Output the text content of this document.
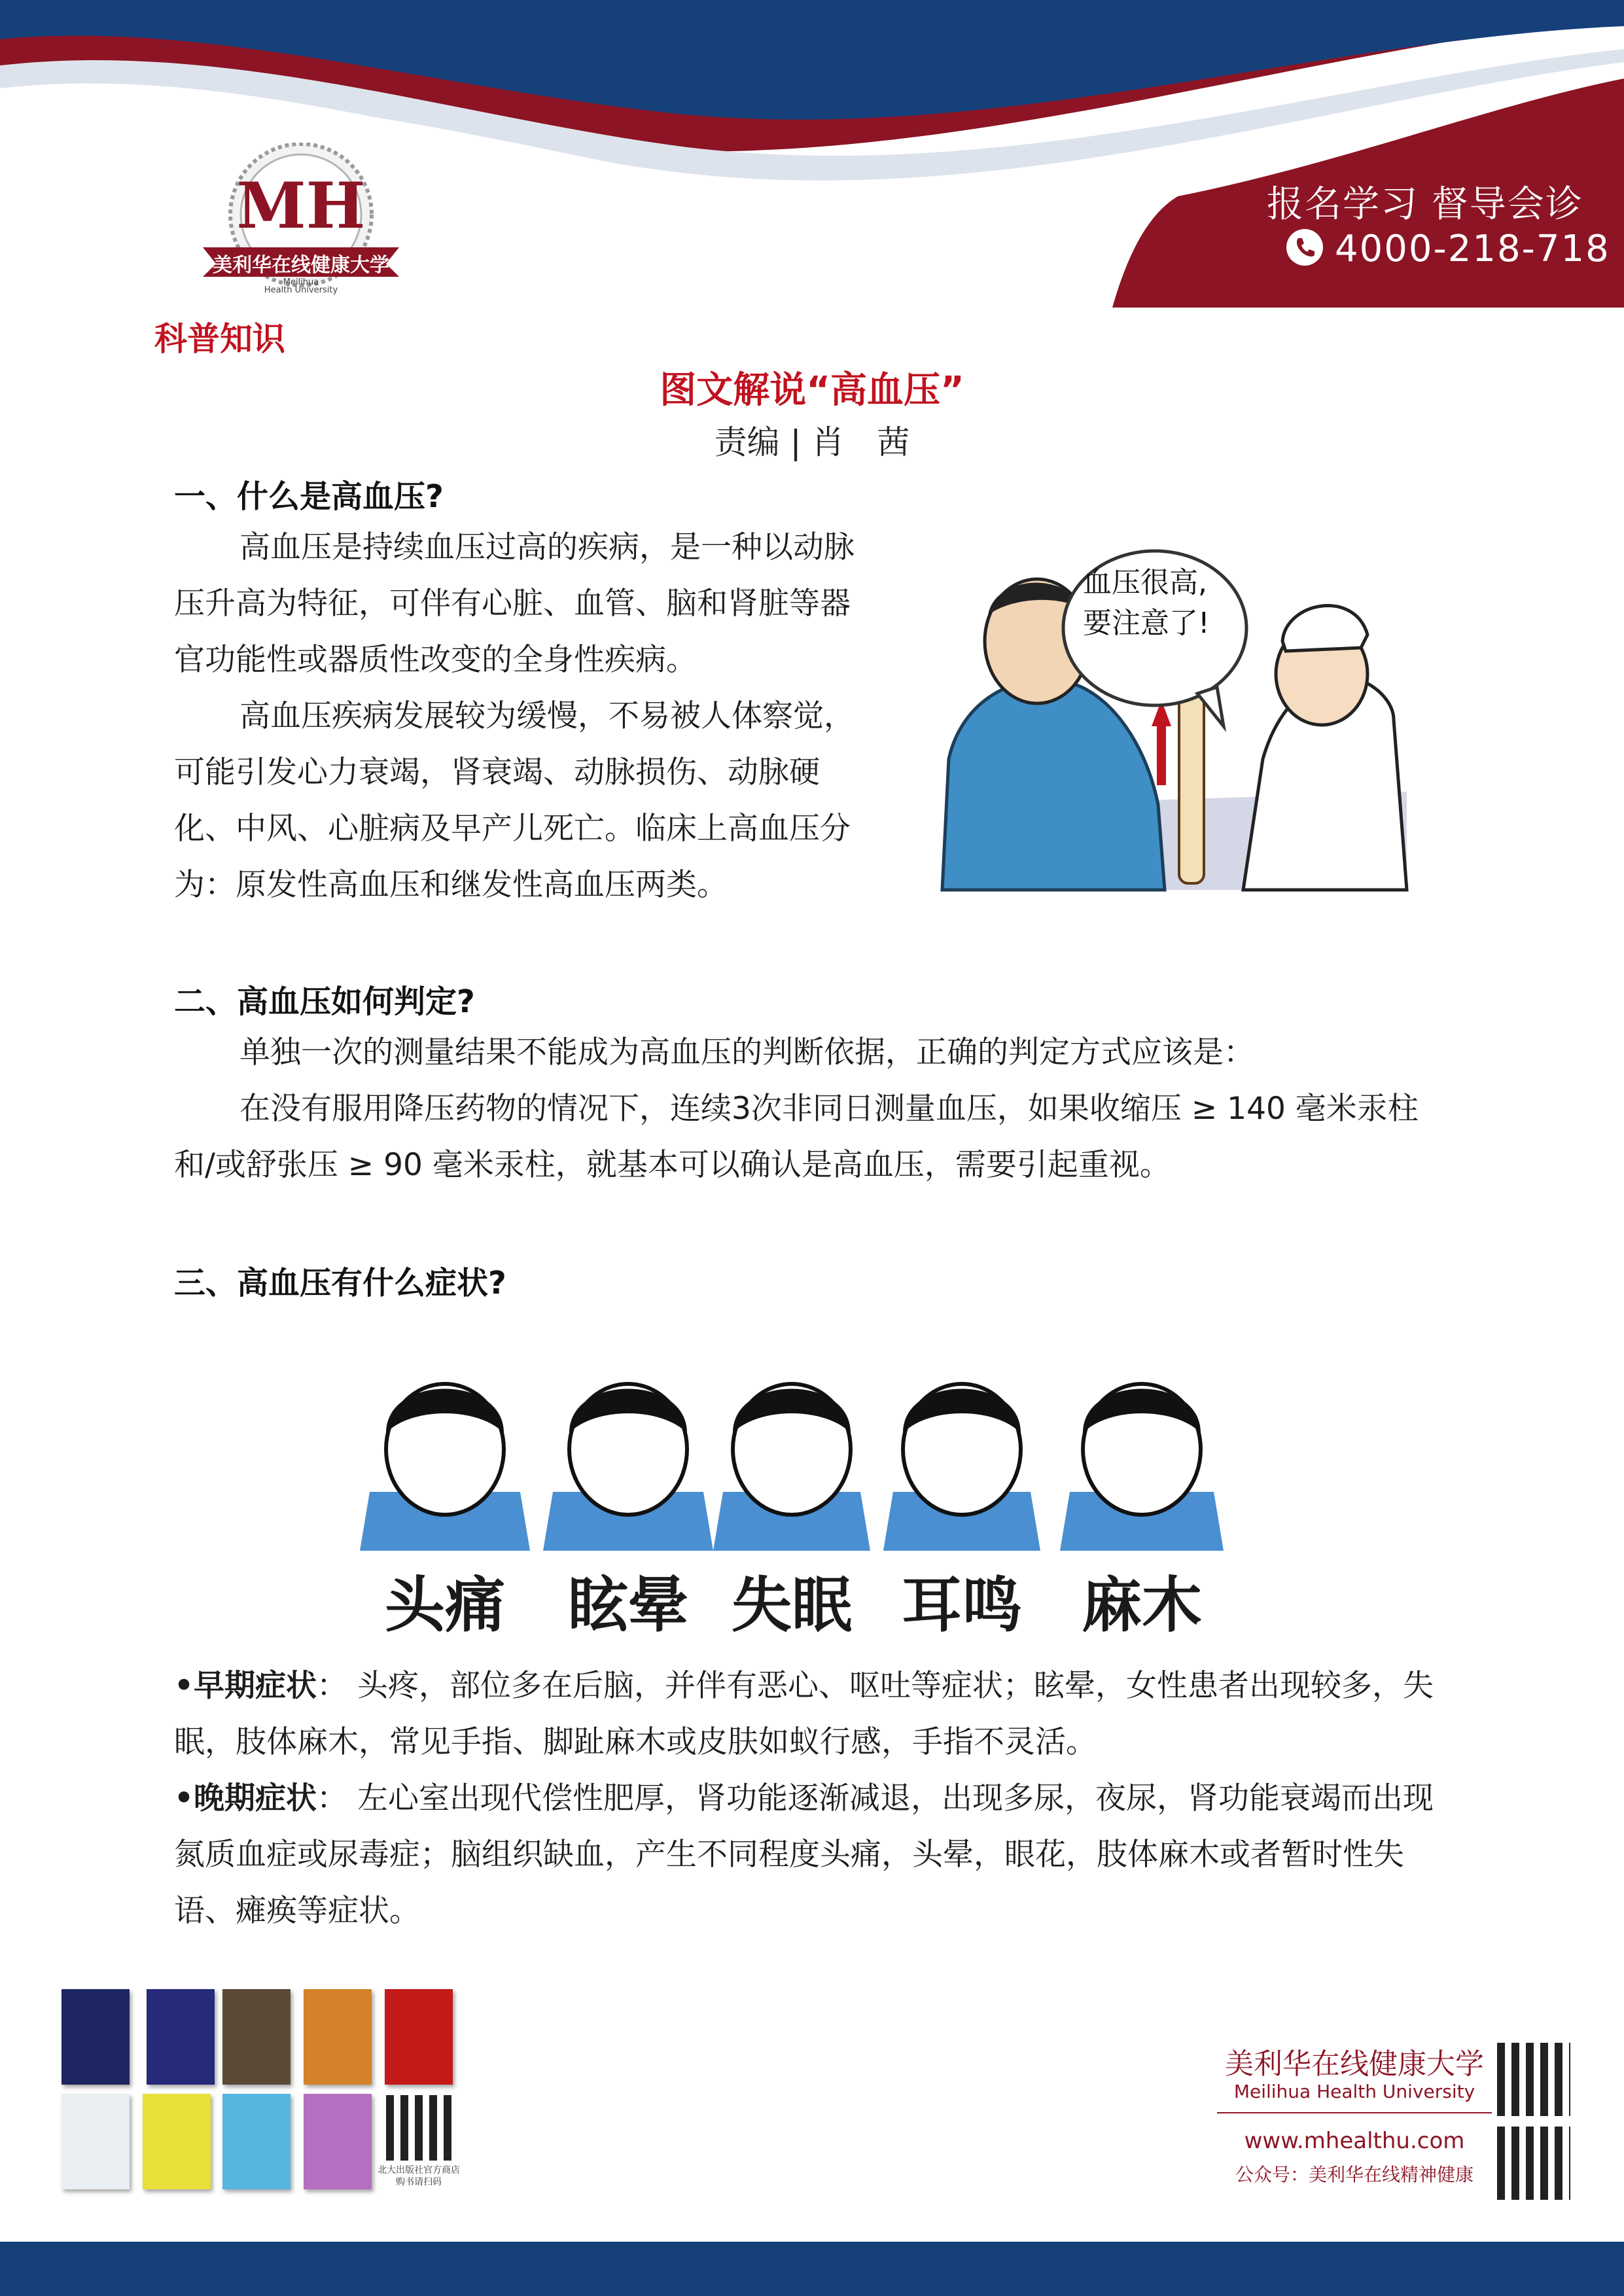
报名学习 督导会诊
4000-218-718
MH
美利华在线健康大学
Meilihua
Health University
科普知识
图文解说“高血压”
责编 | 肖　茜
一、什么是高血压?

高血压是持续血压过高的疾病，是一种以动脉压升高为特征，可伴有心脏、血管、脑和肾脏等器官功能性或器质性改变的全身性疾病。

高血压疾病发展较为缓慢，不易被人体察觉，可能引发心力衰竭，肾衰竭、动脉损伤、动脉硬化、中风、心脏病及早产儿死亡。临床上高血压分为：原发性高血压和继发性高血压两类。

血压很高,
要注意了!
二、高血压如何判定?

单独一次的测量结果不能成为高血压的判断依据，正确的判定方式应该是：

在没有服用降压药物的情况下，连续3次非同日测量血压，如果收缩压 ≥ 140 毫米汞柱和/或舒张压 ≥ 90 毫米汞柱，就基本可以确认是高血压，需要引起重视。

三、高血压有什么症状?
头痛	眩晕 失眠 耳鸣 麻木

•早期症状： 头疼，部位多在后脑，并伴有恶心、呕吐等症状；眩晕，女性患者出现较多，失眠，肢体麻木，常见手指、脚趾麻木或皮肤如蚁行感，手指不灵活。

•晚期症状： 左心室出现代偿性肥厚，肾功能逐渐减退，出现多尿，夜尿，肾功能衰竭而出现氮质血症或尿毒症；脑组织缺血，产生不同程度头痛，头晕，眼花，肢体麻木或者暂时性失语、瘫痪等症状。

北大出版社官方商店
购书请扫码
美利华在线健康大学
Meilihua Health University
www.mhealthu.com
公众号：美利华在线精神健康
